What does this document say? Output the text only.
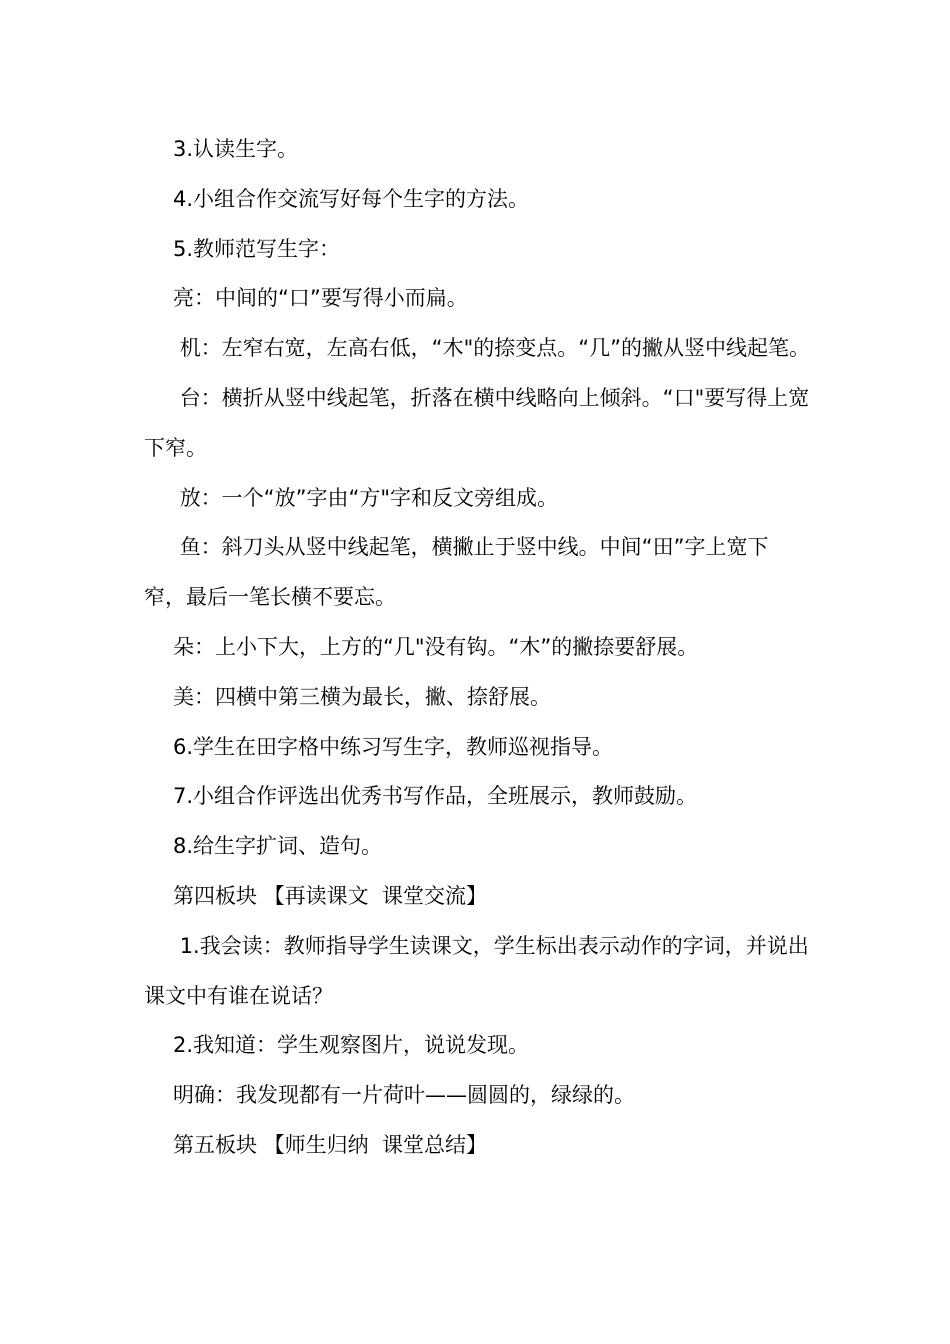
3.认读生字。

4.小组合作交流写好每个生字的方法。

5.教师范写生字：

亮：中间的“口”要写得小而扁。

机：左窄右宽，左高右低，“木"的捺变点。“几”的撇从竖中线起笔。

台：横折从竖中线起笔，折落在横中线略向上倾斜。“口"要写得上宽下窄。

放：一个“放”字由“方"字和反文旁组成。

鱼：斜刀头从竖中线起笔，横撇止于竖中线。中间“田”字上宽下窄，最后一笔长横不要忘。

朵：上小下大，上方的“几"没有钩。“木”的撇捺要舒展。

美：四横中第三横为最长，撇、捺舒展。

6.学生在田字格中练习写生字，教师巡视指导。

7.小组合作评选出优秀书写作品，全班展示，教师鼓励。

8.给生字扩词、造句。

第四板块 【再读课文  课堂交流】

1.我会读：教师指导学生读课文，学生标出表示动作的字词，并说出课文中有谁在说话？

2.我知道：学生观察图片，说说发现。

明确：我发现都有一片荷叶——圆圆的，绿绿的。

第五板块 【师生归纳  课堂总结】
